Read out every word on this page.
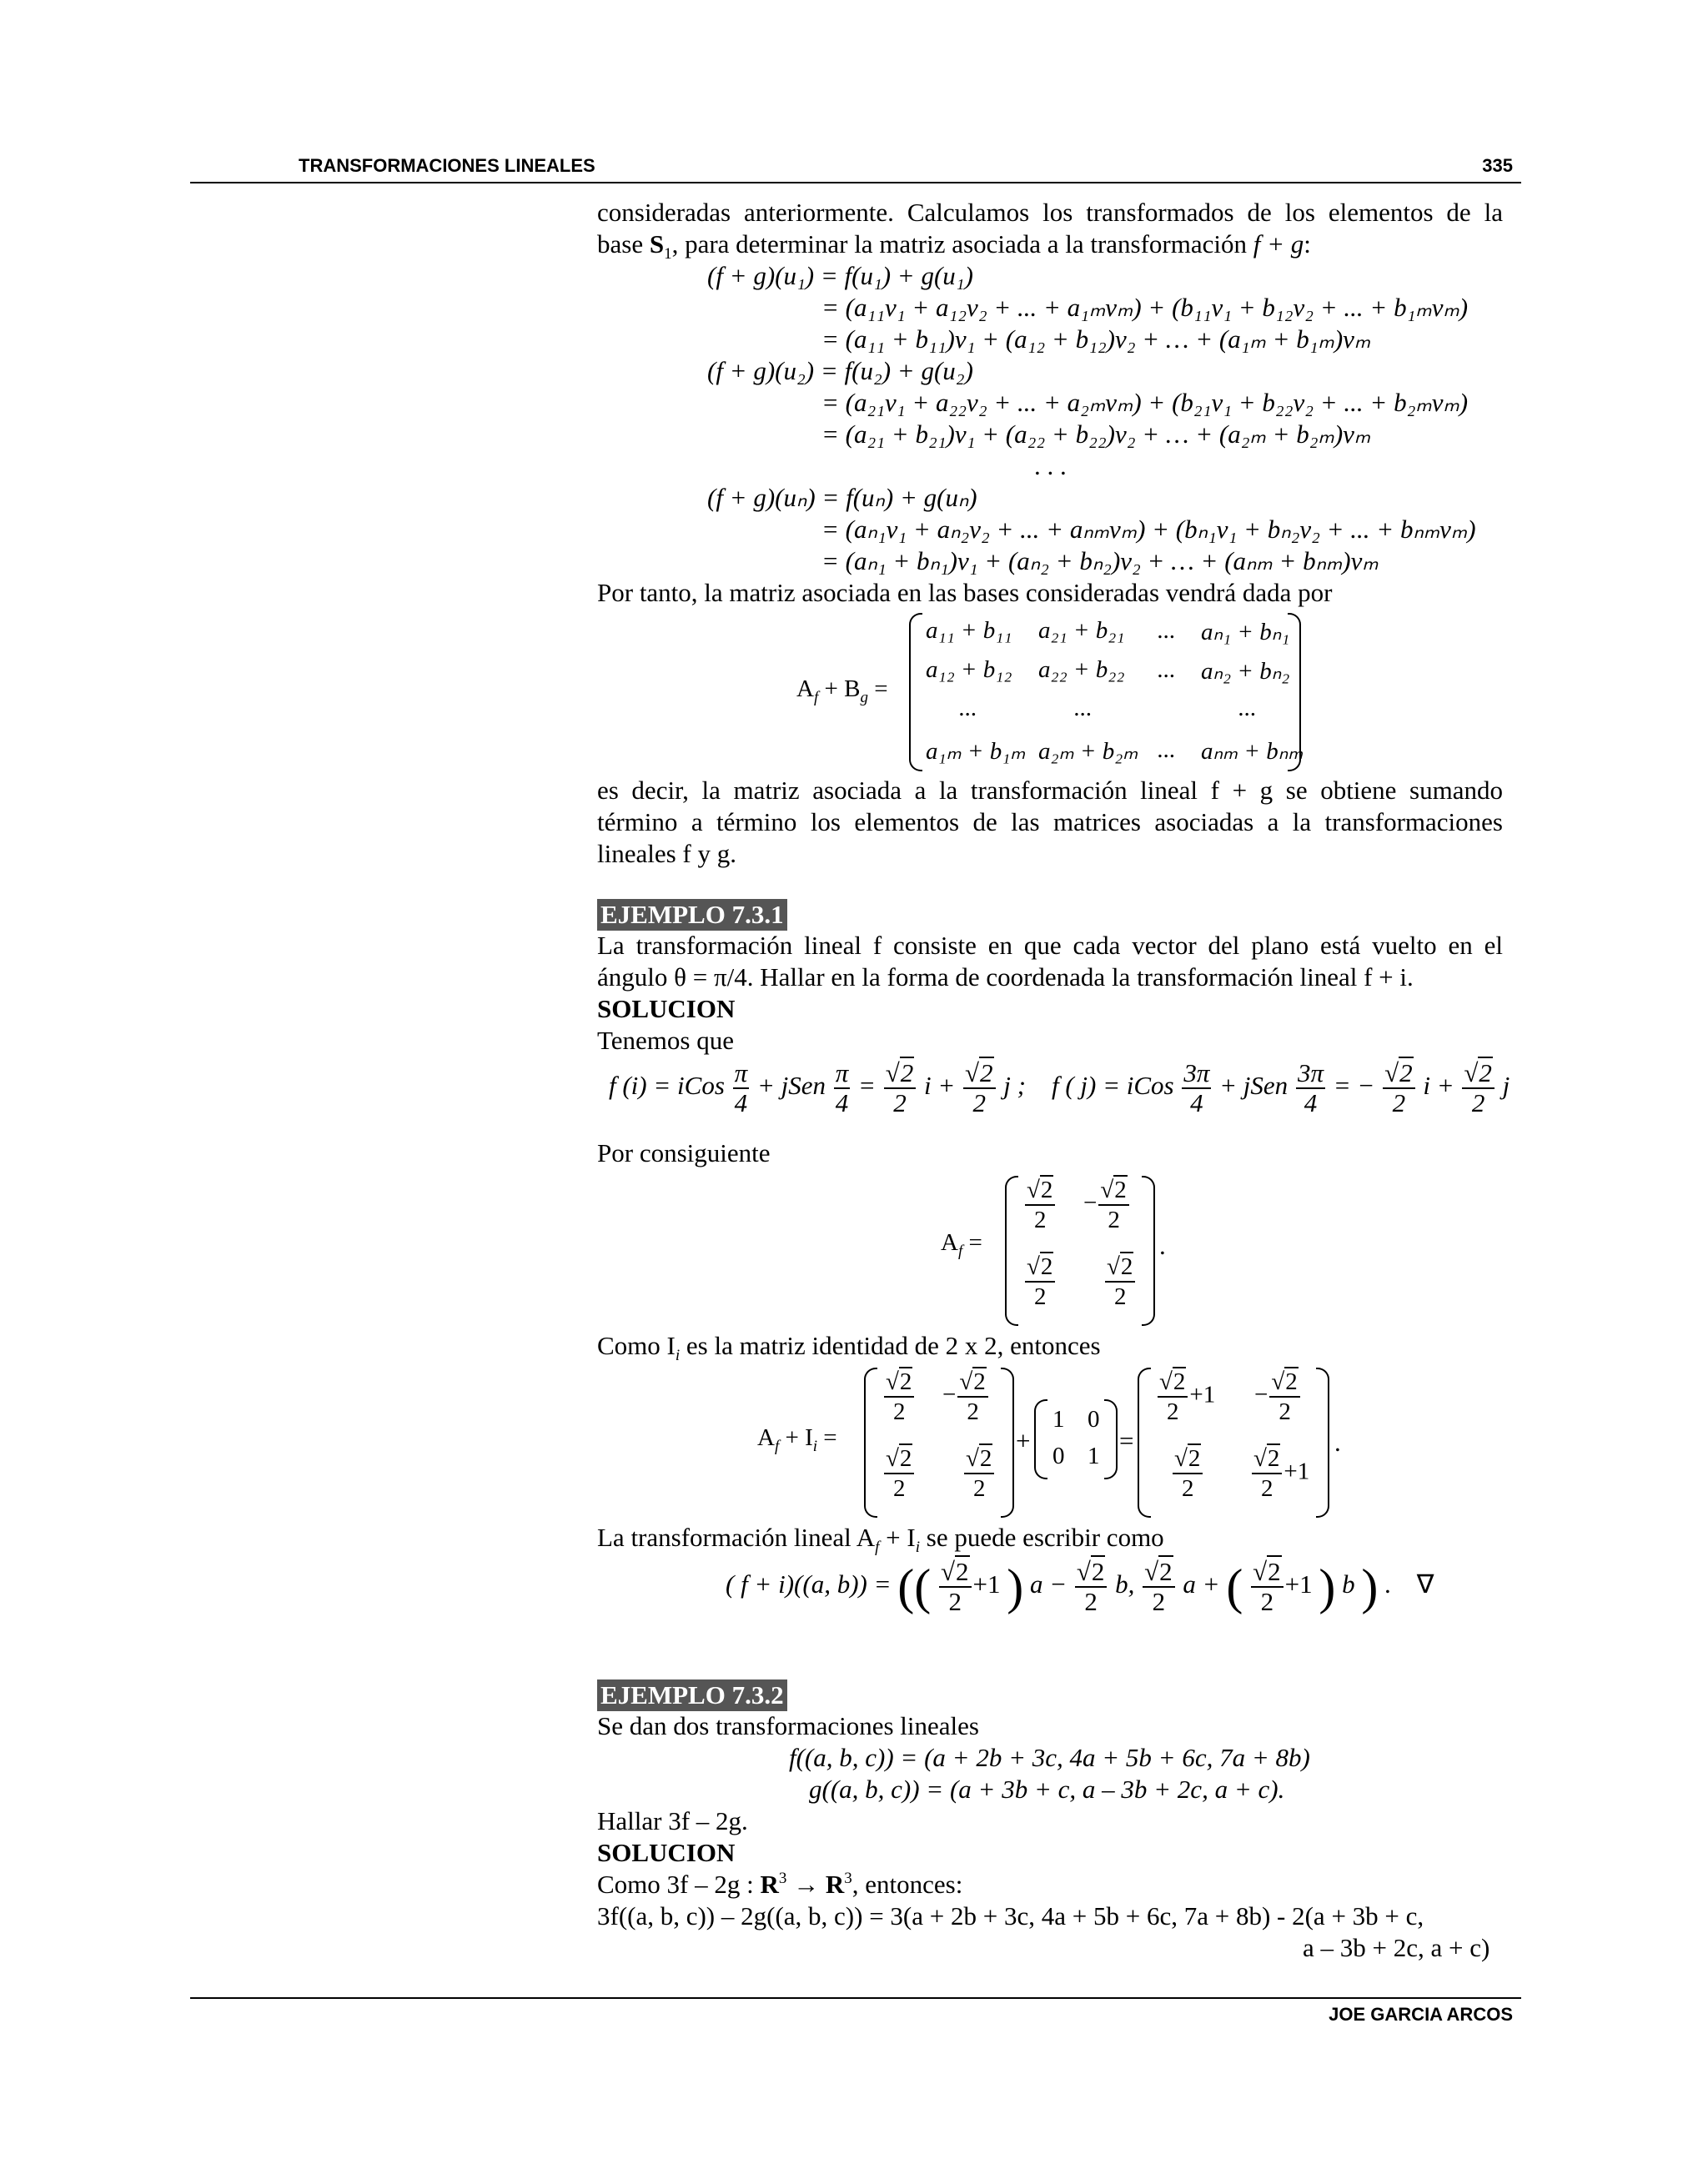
TRANSFORMACIONES LINEALES	335
consideradas anteriormente. Calculamos los transformados de los elementos de la
base $S_1$, para determinar la matriz asociada a la transformación f + g:
(f + g)(u₁) = f(u₁) + g(u₁)
= (a₁₁v₁ + a₁₂v₂ + ... + a₁ₘvₘ) + (b₁₁v₁ + b₁₂v₂ + ... + b₁ₘvₘ)
= (a₁₁ + b₁₁)v₁ + (a₁₂ + b₁₂)v₂ + … + (a₁ₘ + b₁ₘ)vₘ
(f + g)(u₂) = f(u₂) + g(u₂)
= (a₂₁v₁ + a₂₂v₂ + ... + a₂ₘvₘ) + (b₂₁v₁ + b₂₂v₂ + ... + b₂ₘvₘ)
= (a₂₁ + b₂₁)v₁ + (a₂₂ + b₂₂)v₂ + … + (a₂ₘ + b₂ₘ)vₘ
. . .
(f + g)(uₙ) = f(uₙ) + g(uₙ)
= (aₙ₁v₁ + aₙ₂v₂ + ... + aₙₘvₘ) + (bₙ₁v₁ + bₙ₂v₂ + ... + bₙₘvₘ)
= (aₙ₁ + bₙ₁)v₁ + (aₙ₂ + bₙ₂)v₂ + … + (aₙₘ + bₙₘ)vₘ
Por tanto, la matriz asociada en las bases consideradas vendrá dada por
$A_f + B_g$ =
a₁₁ + b₁₁ a₂₁ + b₂₁ ... aₙ₁ + bₙ₁
a₁₂ + b₁₂ a₂₂ + b₂₂ ... aₙ₂ + bₙ₂
...	...	...
a₁ₘ + b₁ₘ a₂ₘ + b₂ₘ ... aₙₘ + bₙₘ
es decir, la matriz asociada a la transformación lineal f + g se obtiene sumando
término a término los elementos de las matrices asociadas a la transformaciones
lineales f y g.
EJEMPLO 7.3.1
La transformación lineal f consiste en que cada vector del plano está vuelto en el
ángulo θ = π/4. Hallar en la forma de coordenada la transformación lineal f + i.
SOLUCION
Tenemos que
f (i) = iCos $\frac{\pi}{4}$ + jSen $\frac{\pi}{4} = \frac{√2}{2}$ $i + \frac{√2}{2}$ j ; f ( j) = iCos $\frac{3\pi}{4}$ + jSen $\frac{3\pi}{4}$ = − $\frac{√2}{2}$ $i + \frac{√2}{2}$ j
Por consiguiente
$A_f$ =
$\frac{√2}{2} - \frac{√2}{2}$
$\frac{√2}{2} \frac{√2}{2}$
.
Como $I_i$ es la matriz identidad de 2 x 2, entonces
$A_f + I_i$ =
$\frac{√2}{2} - \frac{√2}{2}$
$\frac{√2}{2} \frac{√2}{2}$
+
1 0
0 1
=
$\frac{√2}{2} +1 - \frac{√2}{2}$
$\frac{√2}{2} \frac{√2}{2} +1$
.
La transformación lineal $A_f + I_i$ se puede escribir como
( f + i)((a, b)) = (( $\frac{√2}{2} +1$ ) $a - \frac{√2}{2} b$, $\frac{√2}{2}$ a + ( $\frac{√2}{2} +1$ ) b ) . ∇
EJEMPLO 7.3.2
Se dan dos transformaciones lineales
f((a, b, c)) = (a + 2b + 3c, 4a + 5b + 6c, 7a + 8b)
g((a, b, c)) = (a + 3b + c, a – 3b + 2c, a + c).
Hallar 3f – 2g.
SOLUCION
Como 3f – 2g : $R^3 \to R^3$, entonces:
3f((a, b, c)) – 2g((a, b, c)) = 3(a + 2b + 3c, 4a + 5b + 6c, 7a + 8b) - 2(a + 3b + c,
a – 3b + 2c, a + c)
JOE GARCIA ARCOS
